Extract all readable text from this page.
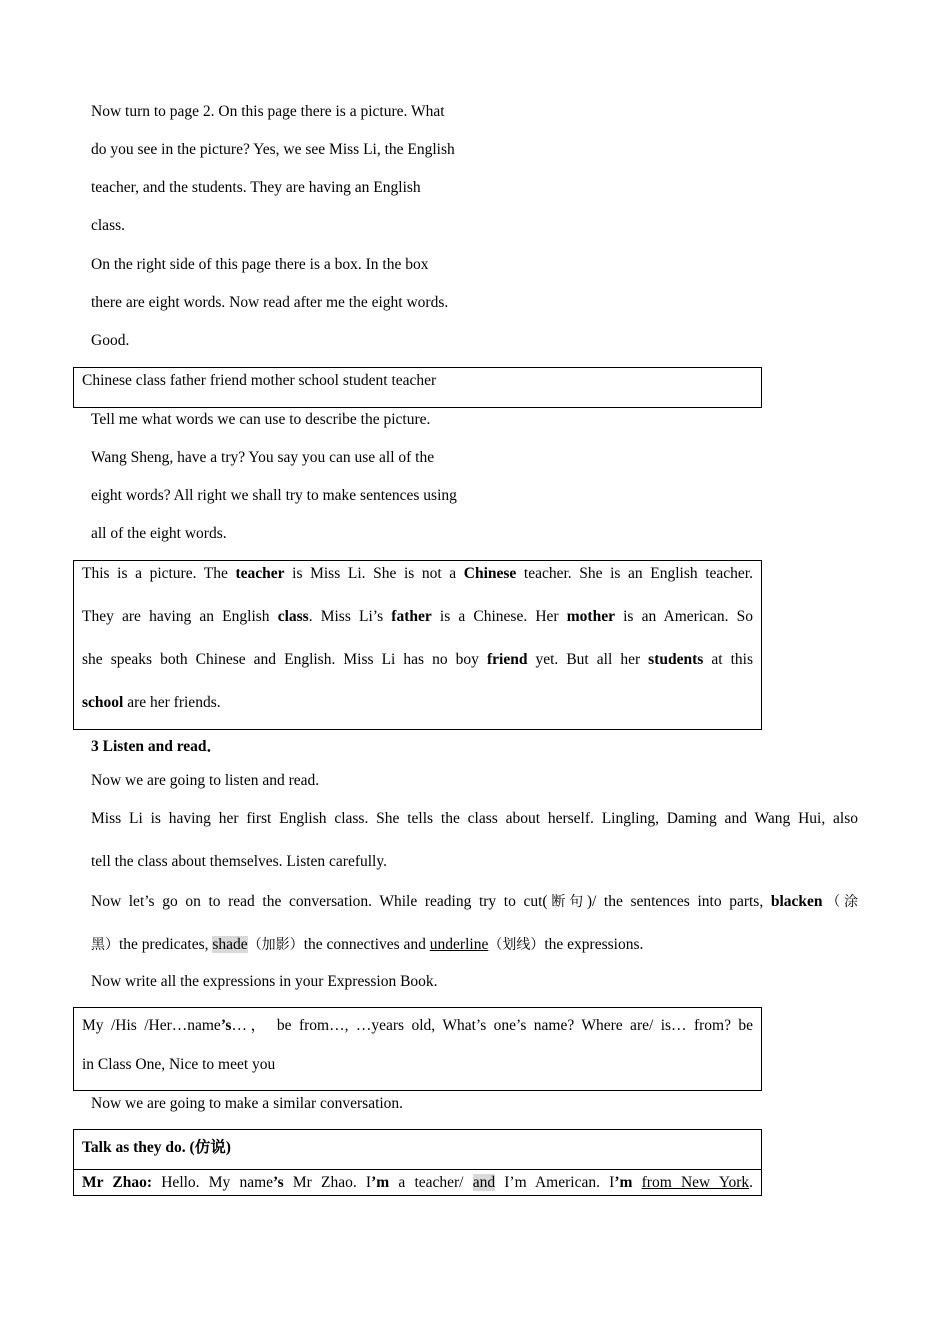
Now turn to page 2. On this page there is a picture. What
do you see in the picture? Yes, we see Miss Li, the English
teacher, and the students. They are having an English
class.
On the right side of this page there is a box. In the box
there are eight words. Now read after me the eight words.
Good.
Chinese class father friend mother school student teacher
Tell me what words we can use to describe the picture.
Wang Sheng, have a try? You say you can use all of the
eight words? All right we shall try to make sentences using
all of the eight words.
This is a picture. The teacher is Miss Li. She is not a Chinese teacher. She is an English teacher.
They are having an English class. Miss Li’s father is a Chinese. Her mother is an American. So
she speaks both Chinese and English. Miss Li has no boy friend yet. But all her students at this
school are her friends.
3 Listen and read．
Now we are going to listen and read.
Miss Li is having her first English class. She tells the class about herself. Lingling, Daming and Wang Hui, also
tell the class about themselves. Listen carefully.
Now let’s go on to read the conversation. While reading try to cut(断句)/ the sentences into parts, blacken（涂
黑）the predicates, shade（加影）the connectives and underline（划线）the expressions.
Now write all the expressions in your Expression Book.
My /His /Her…name’s…， be from…, …years old, What’s one’s name? Where are/ is… from? be
in Class One, Nice to meet you
Now we are going to make a similar conversation.
Talk as they do. (仿说)
Mr Zhao: Hello. My name’s Mr Zhao. I’m a teacher/ and I’m American. I’m from New York.
